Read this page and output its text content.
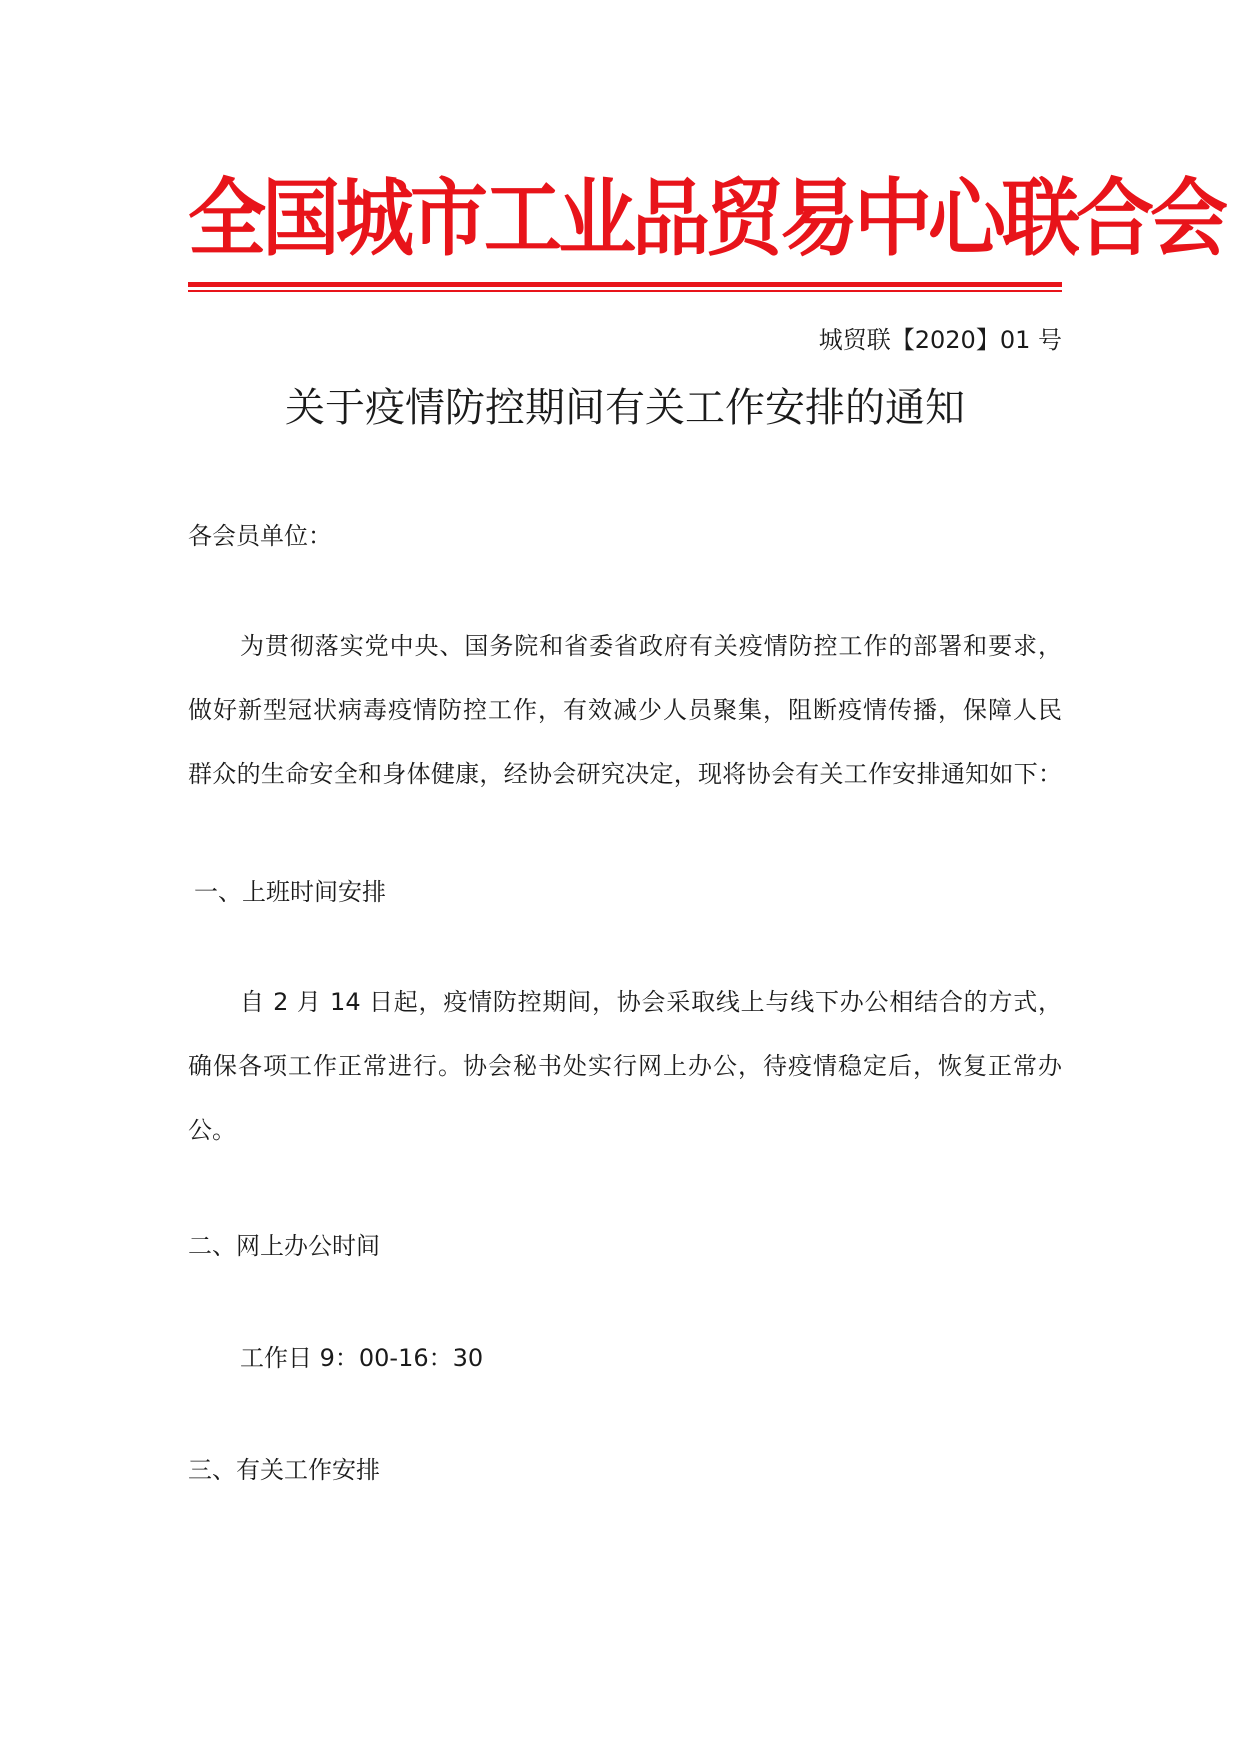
全国城市工业品贸易中心联合会
城贸联【2020】01 号
关于疫情防控期间有关工作安排的通知
各会员单位：
为贯彻落实党中央、国务院和省委省政府有关疫情防控工作的部署和要求，
做好新型冠状病毒疫情防控工作，有效减少人员聚集，阻断疫情传播，保障人民
群众的生命安全和身体健康，经协会研究决定，现将协会有关工作安排通知如下：
一、上班时间安排
自 2 月 14 日起，疫情防控期间，协会采取线上与线下办公相结合的方式，
确保各项工作正常进行。协会秘书处实行网上办公，待疫情稳定后，恢复正常办
公。
二、网上办公时间
工作日 9：00-16：30
三、有关工作安排
